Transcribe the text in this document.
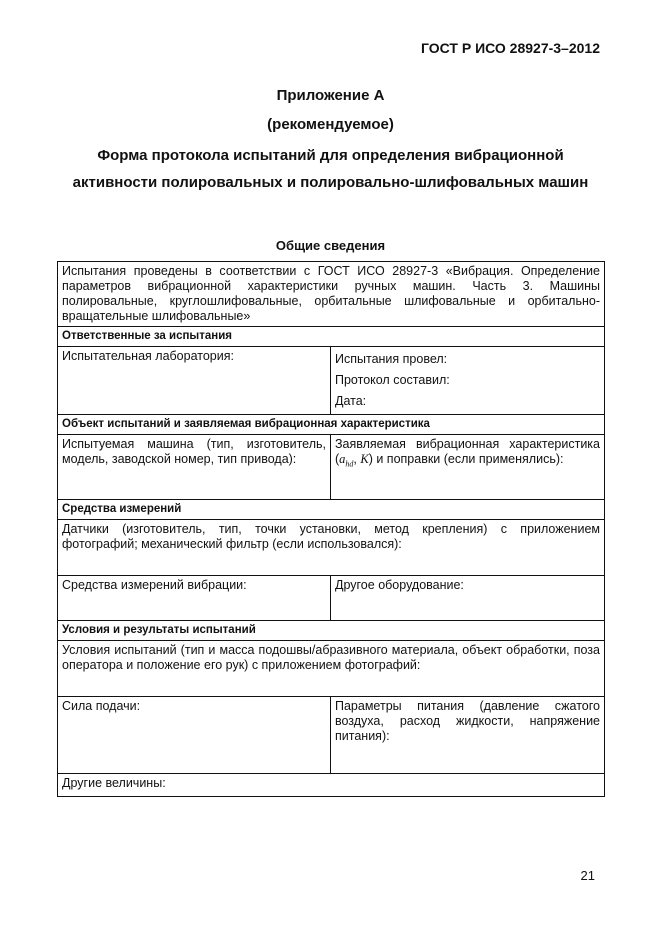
ГОСТ Р ИСО 28927-3–2012
Приложение А
(рекомендуемое)
Форма протокола испытаний для определения вибрационной активности полировальных и полировально-шлифовальных машин
Общие сведения
Испытания проведены в соответствии с ГОСТ ИСО 28927-3 «Вибрация. Определение параметров вибрационной характеристики ручных машин. Часть 3. Машины полировальные, круглошлифовальные, орбитальные шлифовальные и орбитально-вращательные шлифовальные»	
Ответственные за испытания	
Испытательная лаборатория:	Испытания провел:
Протокол составил:
Дата:

Объект испытаний и заявляемая вибрационная характеристика	
Испытуемая машина (тип, изготовитель, модель, заводской номер, тип привода):	Заявляемая вибрационная характеристика ($a_{hd}$, K) и поправки (если применялись):
Средства измерений	
Датчики (изготовитель, тип, точки установки, метод крепления) с приложением фотографий; механический фильтр (если использовался):	
Средства измерений вибрации:	Другое оборудование:
Условия и результаты испытаний	
Условия испытаний (тип и масса подошвы/абразивного материала, объект обработки, поза оператора и положение его рук) с приложением фотографий:	
Сила подачи:	Параметры питания (давление сжатого воздуха, расход жидкости, напряжение питания):
Другие величины:	
21
